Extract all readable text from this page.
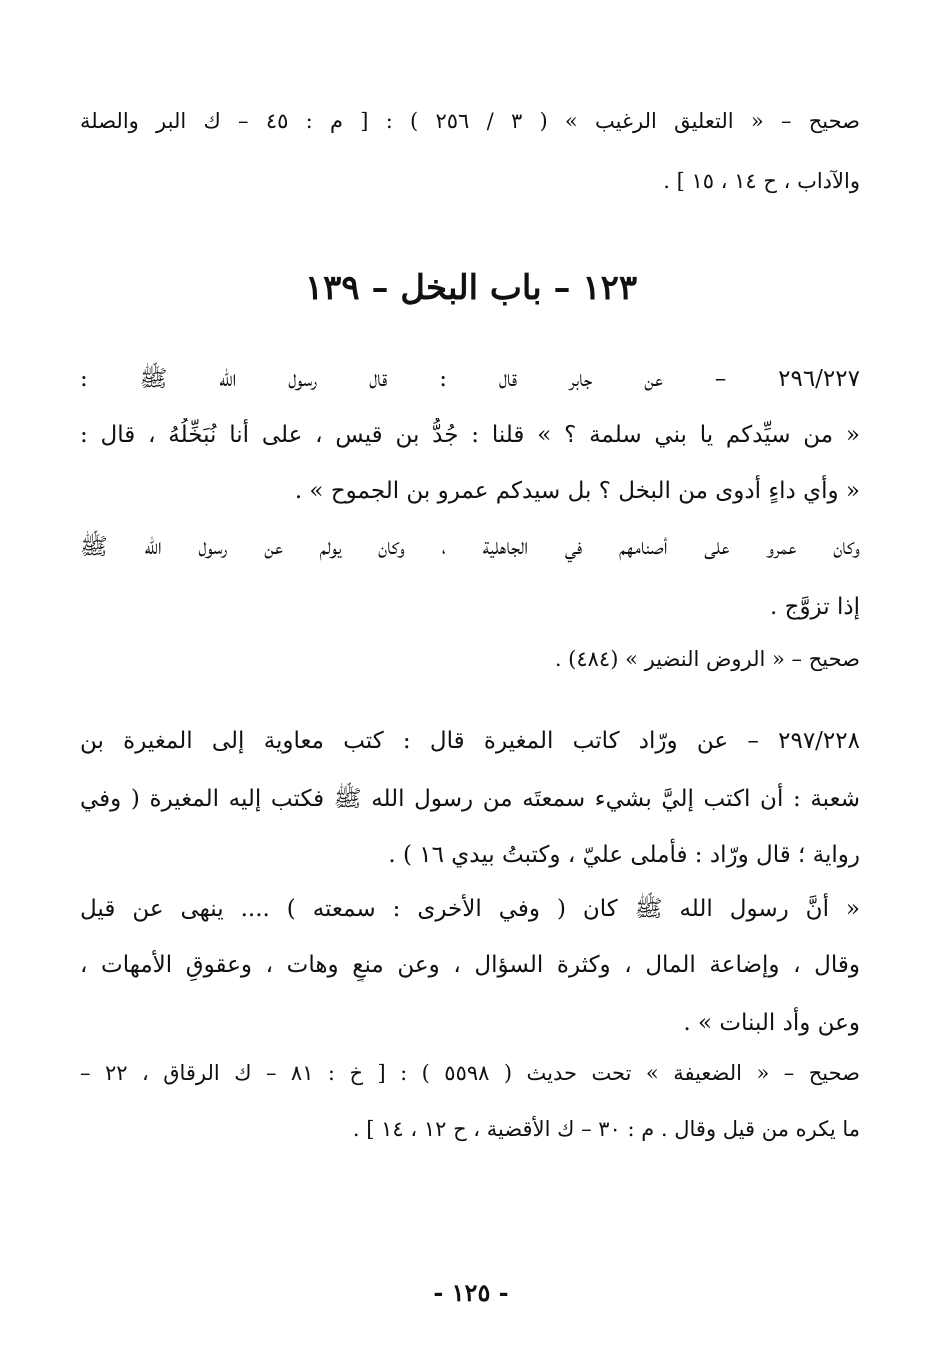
صحيح – « التعليق الرغيب » ( ٣ / ٢٥٦ ) : [ م : ٤٥ – ك البر والصلة
والآداب ، ح ١٤ ، ١٥ ] .
١٢٣ – باب البخل – ١٣٩
٢٩٦/٢٢٧ – عن جابر قال : قال رسول الله ﷺ :
« من سيِّدكم يا بني سلمة ؟ » قلنا : جُدُّ بن قيس ، على أنا نُبَخِّلُهُ ، قال :
« وأي داءٍ أدوى من البخل ؟ بل سيدكم عمرو بن الجموح » .
وكان عمرو على أصنامهم في الجاهلية ، وكان يولم عن رسول الله ﷺ
إذا تزوَّج .
صحيح – « الروض النضير » (٤٨٤) .
٢٩٧/٢٢٨ – عن ورّاد كاتب المغيرة قال : كتب معاوية إلى المغيرة بن
شعبة : أن اكتب إليَّ بشيء سمعتَه من رسول الله ﷺ فكتب إليه المغيرة ( وفي
رواية ؛ قال ورّاد : فأملى عليّ ، وكتبتُ بيدي ١٦ ) .
« أنَّ رسول الله ﷺ كان ( وفي الأخرى : سمعته ) .... ينهى عن قيل
وقال ، وإضاعة المال ، وكثرة السؤال ، وعن منعٍ وهات ، وعقوقِ الأمهات ،
وعن وأد البنات » .
صحيح – « الضعيفة » تحت حديث ( ٥٥٩٨ ) : [ خ : ٨١ – ك الرقاق ، ٢٢ –
ما يكره من قيل وقال . م : ٣٠ – ك الأقضية ، ح ١٢ ، ١٤ ] .
- ١٢٥ -
